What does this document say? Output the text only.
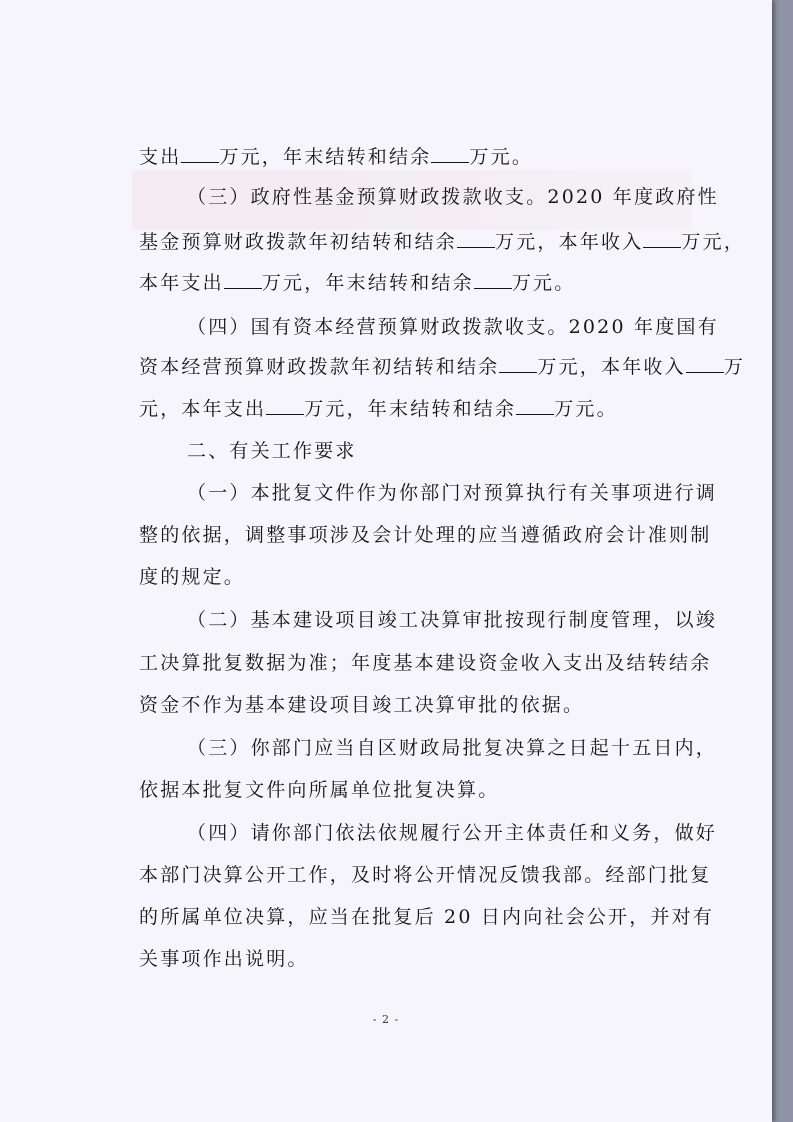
支出 万元，年末结转和结余 万元。
（三）政府性基金预算财政拨款收支。2020 年度政府性
基金预算财政拨款年初结转和结余 万元，本年收入 万元，
本年支出 万元，年末结转和结余 万元。
（四）国有资本经营预算财政拨款收支。2020 年度国有
资本经营预算财政拨款年初结转和结余 万元，本年收入 万
元，本年支出 万元，年末结转和结余 万元。
二、有关工作要求
（一）本批复文件作为你部门对预算执行有关事项进行调
整的依据，调整事项涉及会计处理的应当遵循政府会计准则制
度的规定。
（二）基本建设项目竣工决算审批按现行制度管理，以竣
工决算批复数据为准；年度基本建设资金收入支出及结转结余
资金不作为基本建设项目竣工决算审批的依据。
（三）你部门应当自区财政局批复决算之日起十五日内，
依据本批复文件向所属单位批复决算。
（四）请你部门依法依规履行公开主体责任和义务，做好
本部门决算公开工作，及时将公开情况反馈我部。经部门批复
的所属单位决算，应当在批复后 20 日内向社会公开，并对有
关事项作出说明。
- 2 -
